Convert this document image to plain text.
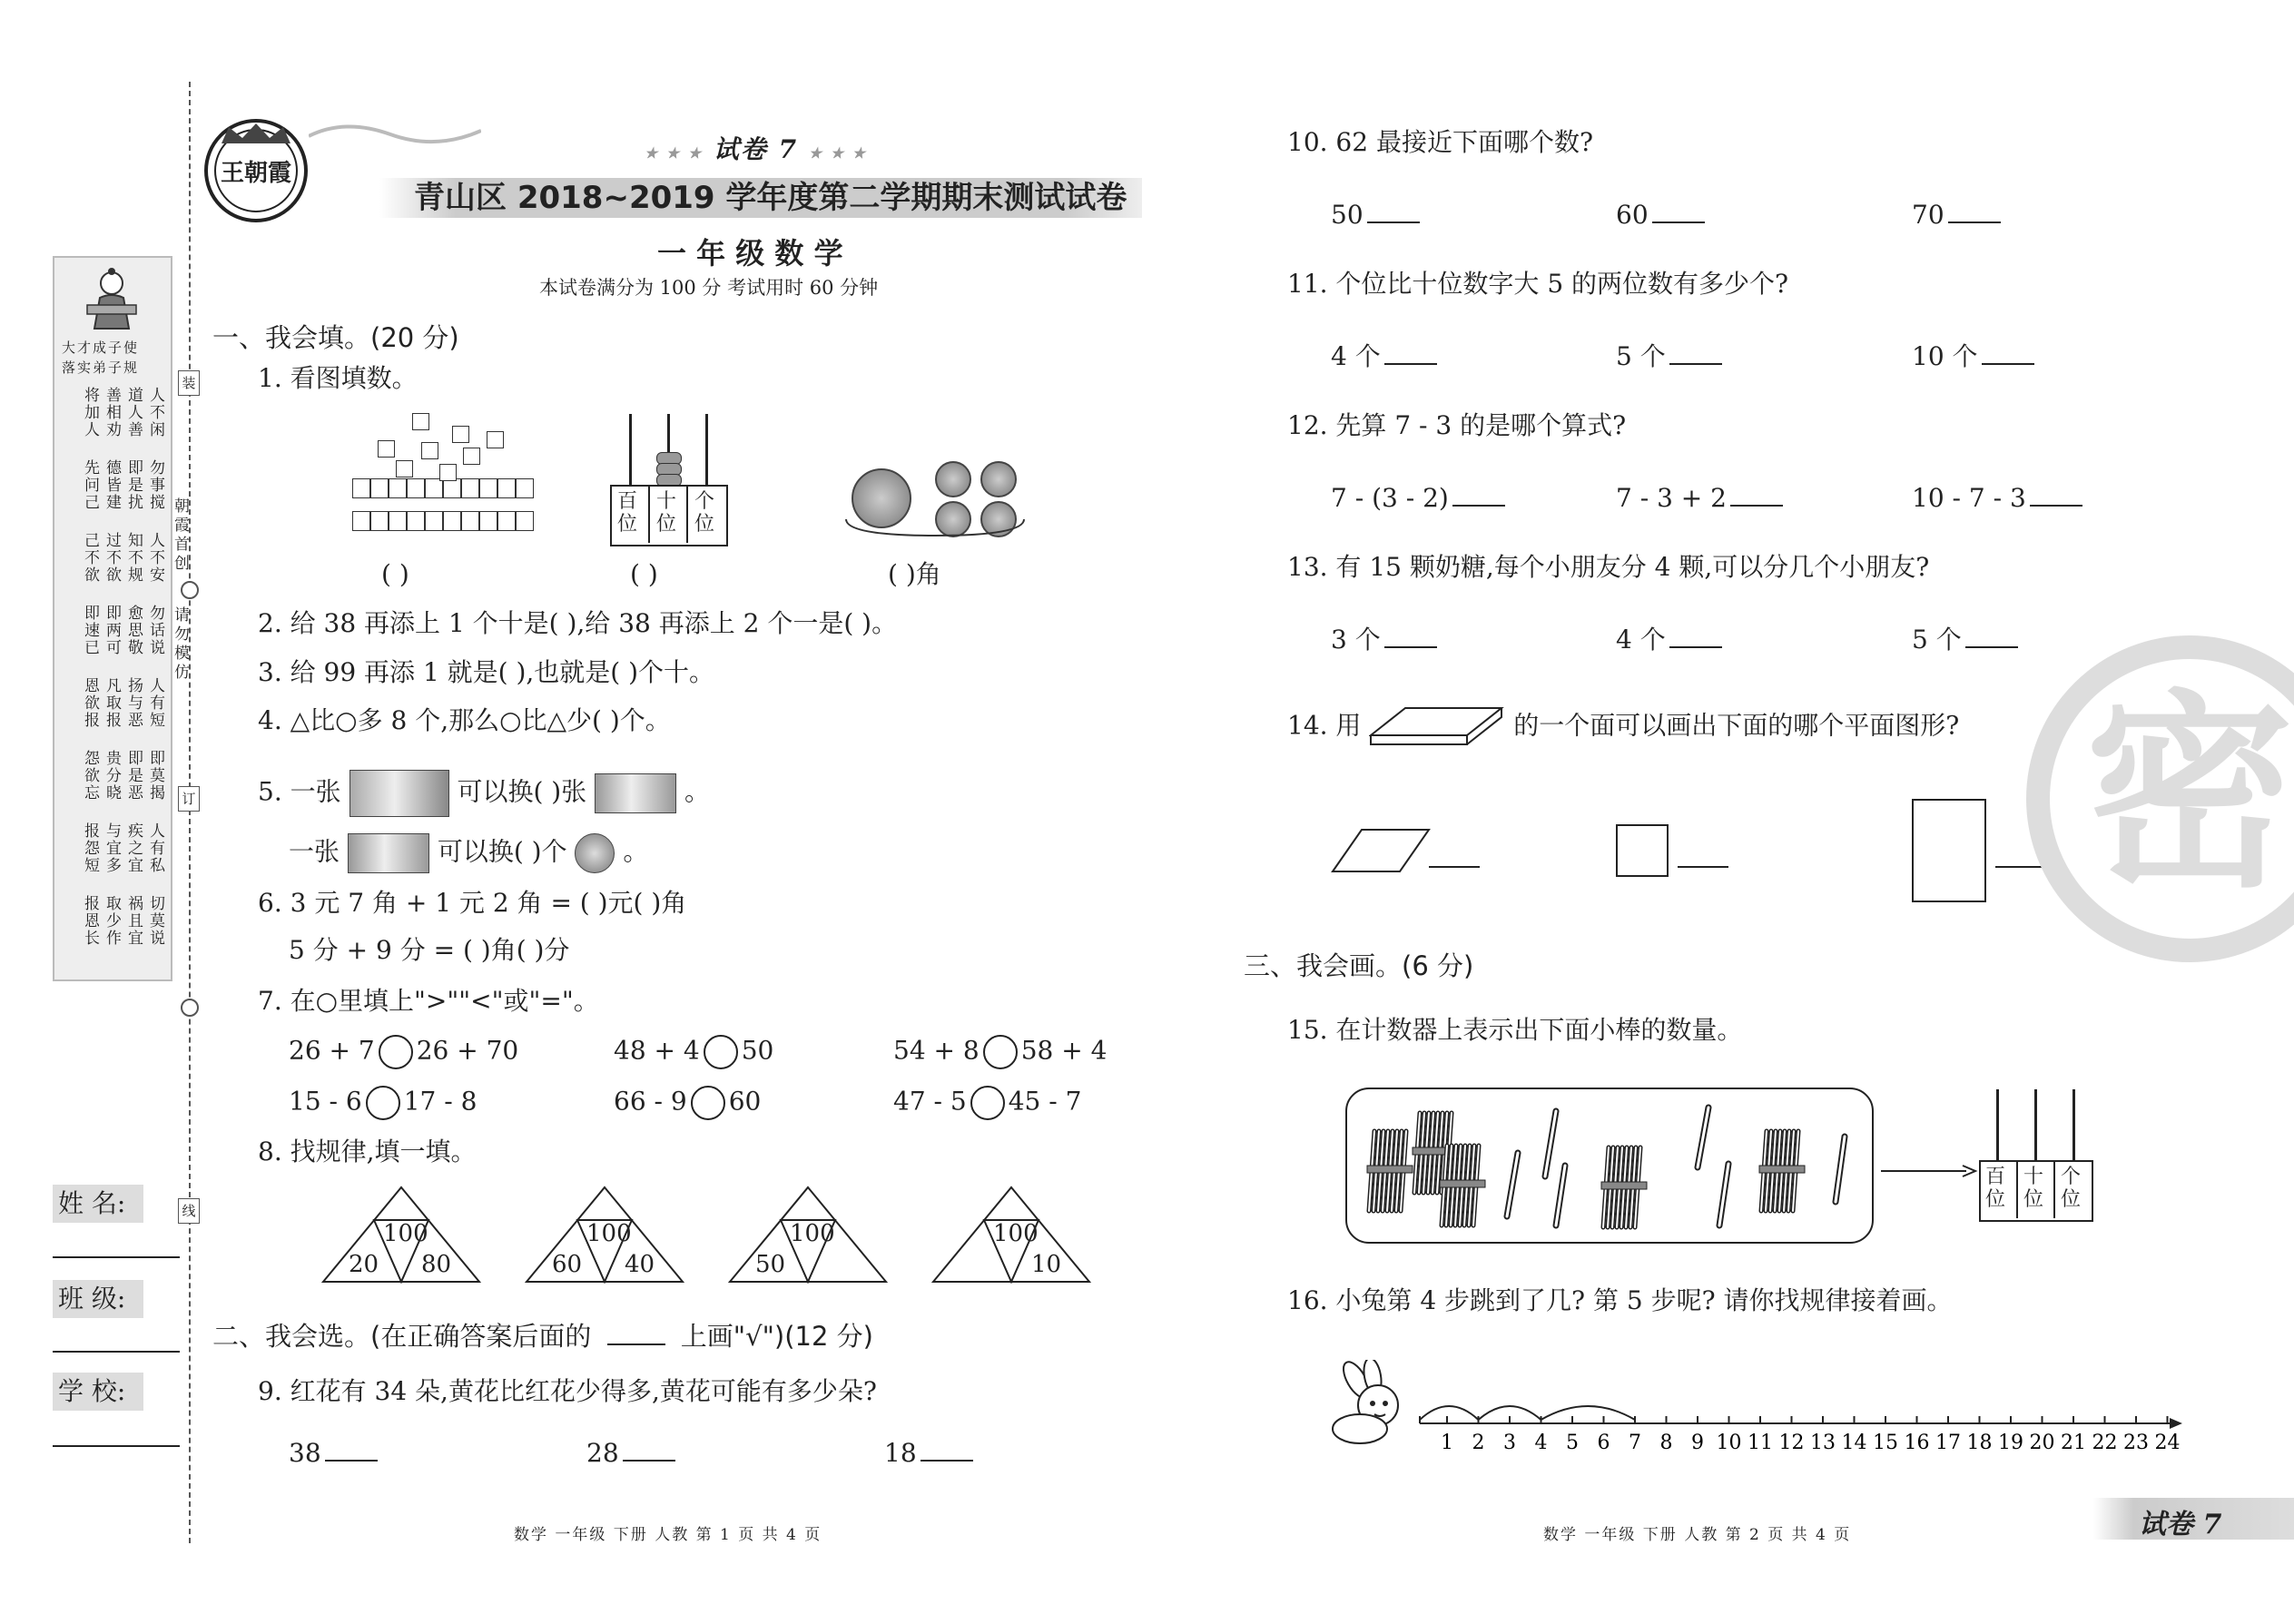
大才成子使
落实弟子规
人不闲
道人善
善相劝
将加人
勿事搅
即是扰
德皆建
先问己
人不安
知不规
过不欲
己不欲
勿话说
愈思敬
即两可
即速已
人有短
扬与恶
凡取报
恩欲报
即莫揭
即是恶
贵分晓
怨欲忘
人有私
疾之宜
与宜多
报怨短
切莫说
祸且宜
取少作
报恩长
朝霞首创
请勿模仿
装
订
线
姓 名:
班 级:
学 校:
王朝霞
★ ★ ★ 试卷 7 ★ ★ ★
青山区 2018~2019 学年度第二学期期末测试试卷
一 年 级 数 学
本试卷满分为 100 分 考试用时 60 分钟
一、我会填。(20 分)
1. 看图填数。
( )
百位
十位
个位
( )	( )角
2. 给 38 再添上 1 个十是( ),给 38 再添上 2 个一是( )。
3. 给 99 再添 1 就是( ),也就是( )个十。
4. △比○多 8 个,那么○比△少( )个。
5. 一张	可以换( )张	。
一张	可以换( )个 。
6. 3 元 7 角 + 1 元 2 角 = ( )元( )角
5 分 + 9 分 = ( )角( )分
7. 在○里填上">""<"或"="。
8. 找规律,填一填。
二、我会选。(在正确答案后面的	上画"√")(12 分)
9. 红花有 34 朵,黄花比红花少得多,黄花可能有多少朵?
10. 62 最接近下面哪个数?
11. 个位比十位数字大 5 的两位数有多少个?
12. 先算 7 - 3 的是哪个算式?
13. 有 15 颗奶糖,每个小朋友分 4 颗,可以分几个小朋友?
14. 用	的一个面可以画出下面的哪个平面图形?
三、我会画。(6 分)
15. 在计数器上表示出下面小棒的数量。
百位
十位
个位
16. 小兔第 4 步跳到了几? 第 5 步呢? 请你找规律接着画。
1 2 3 4 5 6 7 8 9 10 11 12 13 14 15 16 17 18 19 20 21 22 23 24
密
数学 一年级 下册 人教 第 1 页 共 4 页	数学 一年级 下册 人教 第 2 页 共 4 页	试卷 7
26 + 7 26 + 70	48 + 4 50	54 + 8 58 + 4
15 - 6 17 - 8	66 - 9 60	47 - 5 45 - 7
100
20 80
100
60 40
100
50
100
10
38	28	18
50	60	70
4 个	5 个	10 个
7 - (3 - 2)	7 - 3 + 2	10 - 7 - 3
3 个	4 个	5 个
